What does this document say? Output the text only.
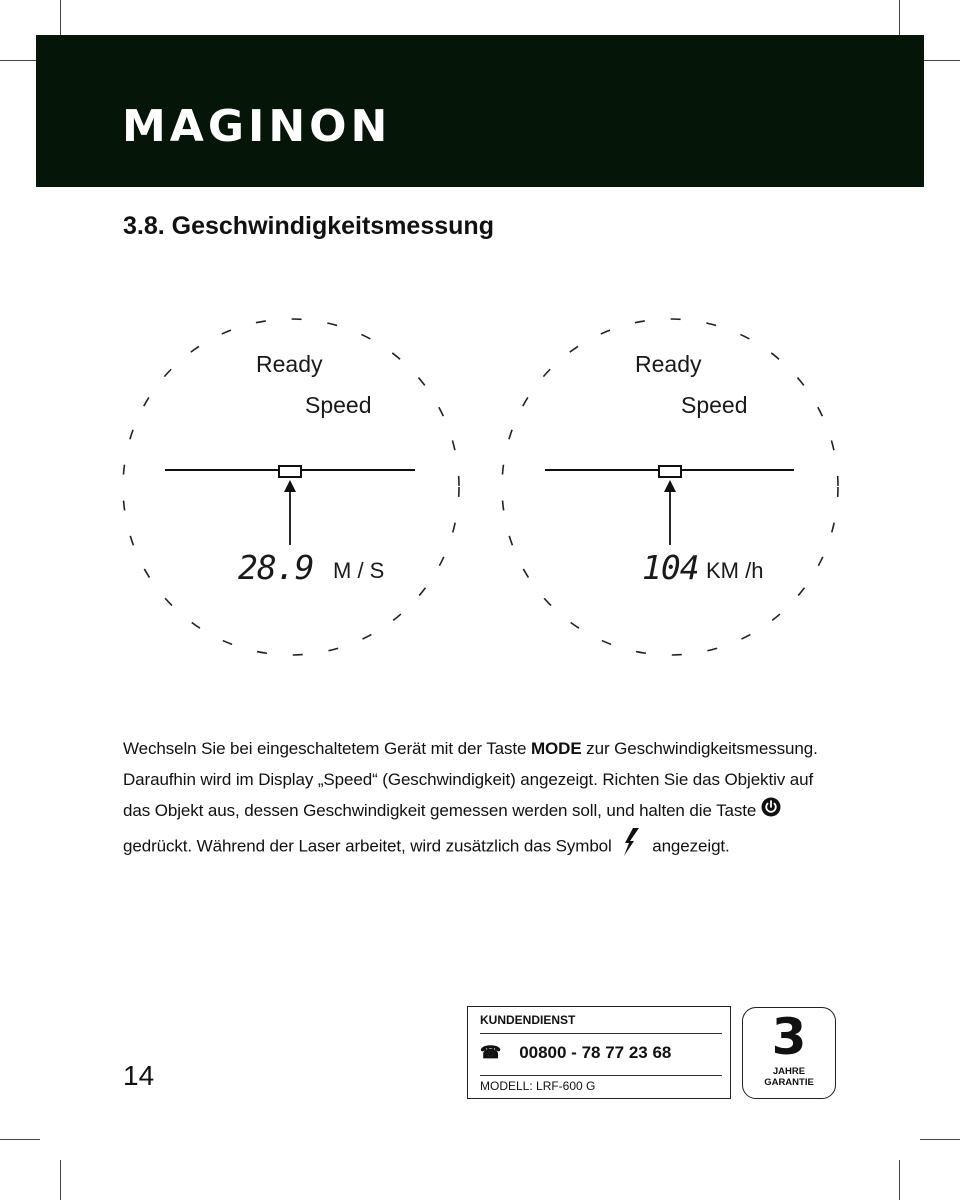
MAGINON
3.8. Geschwindigkeitsmessung
Ready
Speed
28.9 M / S
Ready
Speed
104 KM /h

Wechseln Sie bei eingeschaltetem Gerät mit der Taste MODE zur Geschwindigkeitsmessung. Daraufhin wird im Display „Speed“ (Geschwindigkeit) angezeigt. Richten Sie das Objektiv auf das Objekt aus, dessen Geschwindigkeit gemessen werden soll, und halten die Taste  gedrückt. Während der Laser arbeitet, wird zusätzlich das Symbol    angezeigt.

14

KUNDENDIENST
☎ 00800 - 78 77 23 68
MODELL: LRF-600 G
3
JAHRE
GARANTIE
